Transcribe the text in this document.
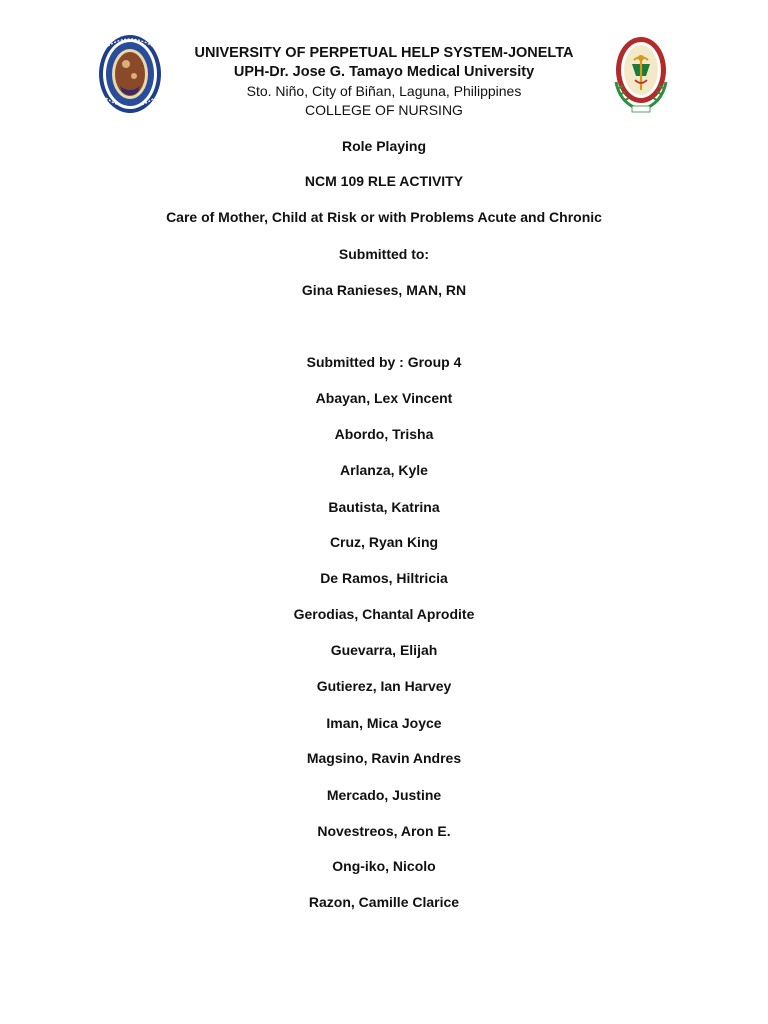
UNIVERSITY OF PERPETUAL HELP SYSTEM-JONELTA
UPH-Dr. Jose G. Tamayo Medical University
Sto. Niño, City of Biñan, Laguna, Philippines
COLLEGE OF NURSING
Role Playing
NCM 109 RLE ACTIVITY
Care of Mother, Child at Risk or with Problems Acute and Chronic
Submitted to:
Gina Ranieses, MAN, RN
Submitted by : Group 4
Abayan, Lex Vincent
Abordo, Trisha
Arlanza, Kyle
Bautista, Katrina
Cruz, Ryan King
De Ramos, Hiltricia
Gerodias, Chantal Aprodite
Guevarra, Elijah
Gutierez, Ian Harvey
Iman, Mica Joyce
Magsino, Ravin Andres
Mercado, Justine
Novestreos, Aron E.
Ong-iko, Nicolo
Razon, Camille Clarice
